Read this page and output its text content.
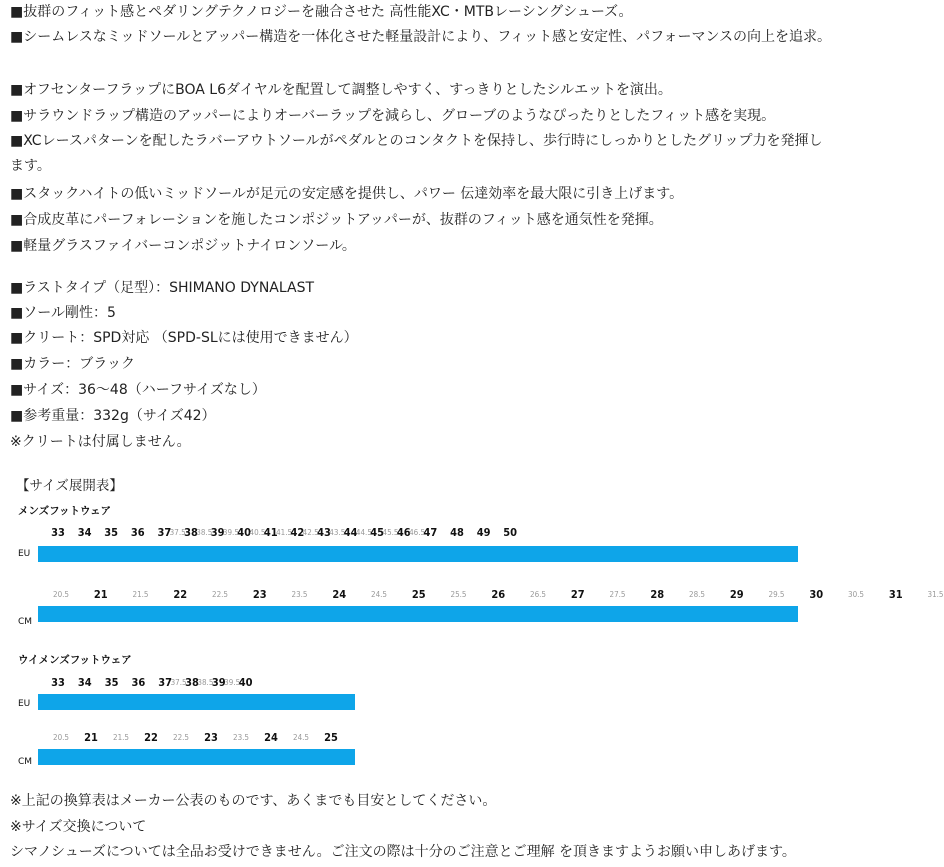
■抜群のフィット感とペダリングテクノロジーを融合させた 高性能XC・MTBレーシングシューズ。
■シームレスなミッドソールとアッパー構造を一体化させた軽量設計により、フィット感と安定性、パフォーマンスの向上を追求。
■オフセンターフラップにBOA L6ダイヤルを配置して調整しやすく、すっきりとしたシルエットを演出。
■サラウンドラップ構造のアッパーによりオーバーラップを減らし、グローブのようなぴったりとしたフィット感を実現。
■XCレースパターンを配したラバーアウトソールがペダルとのコンタクトを保持し、歩行時にしっかりとしたグリップ力を発揮します。
■スタックハイトの低いミッドソールが足元の安定感を提供し、パワー 伝達効率を最大限に引き上げます。
■合成皮革にパーフォレーションを施したコンポジットアッパーが、抜群のフィット感を通気性を発揮。
■軽量グラスファイバーコンポジットナイロンソール。
■ラストタイプ（足型）：SHIMANO DYNALAST
■ソール剛性：5
■クリート：SPD対応 （SPD-SLには使用できません）
■カラー：ブラック
■サイズ：36～48（ハーフサイズなし）
■参考重量：332g（サイズ42）
※クリートは付属しません。
【サイズ展開表】
メンズフットウェア
33 34 35 36 37
37.5
38
38.5
39
39.5
40
40.5
41
41.5
42
42.5
43
43.5
44
44.5
45
45.5
46
46.5
47 48 49 50
EU
20.5 21	21.5 22	22.5 23	23.5 24	24.5 25	25.5 26	26.5 27	27.5 28	28.5 29	29.5 30	30.5 31	31.5
CM
ウイメンズフットウェア
33 34 35 36 37
37.5
38
38.5
39
39.5
40
EU
20.5 21 21.5 22 22.5 23 23.5 24 24.5 25
CM
※上記の換算表はメーカー公表のものです、あくまでも目安としてください。
※サイズ交換について
シマノシューズについては全品お受けできません。ご注文の際は十分のご注意とご理解 を頂きますようお願い申しあげます。
